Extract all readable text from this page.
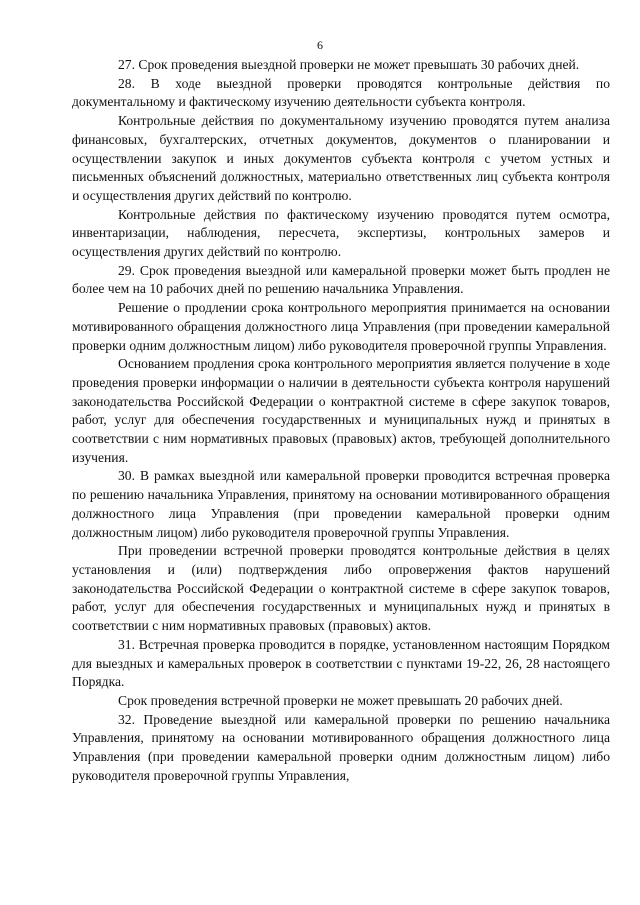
6

27. Срок проведения выездной проверки не может превышать 30 рабочих дней.

28. В ходе выездной проверки проводятся контрольные действия по документальному и фактическому изучению деятельности субъекта контроля.

Контрольные действия по документальному изучению проводятся путем анализа финансовых, бухгалтерских, отчетных документов, документов о планировании и осуществлении закупок и иных документов субъекта контроля с учетом устных и письменных объяснений должностных, материально ответственных лиц субъекта контроля и осуществления других действий по контролю.

Контрольные действия по фактическому изучению проводятся путем осмотра, инвентаризации, наблюдения, пересчета, экспертизы, контрольных замеров и осуществления других действий по контролю.

29. Срок проведения выездной или камеральной проверки может быть продлен не более чем на 10 рабочих дней по решению начальника Управления.

Решение о продлении срока контрольного мероприятия принимается на основании мотивированного обращения должностного лица Управления (при проведении камеральной проверки одним должностным лицом) либо руководителя проверочной группы Управления.

Основанием продления срока контрольного мероприятия является получение в ходе проведения проверки информации о наличии в деятельности субъекта контроля нарушений законодательства Российской Федерации о контрактной системе в сфере закупок товаров, работ, услуг для обеспечения государственных и муниципальных нужд и принятых в соответствии с ним нормативных правовых (правовых) актов, требующей дополнительного изучения.

30. В рамках выездной или камеральной проверки проводится встречная проверка по решению начальника Управления, принятому на основании мотивированного обращения должностного лица Управления (при проведении камеральной проверки одним должностным лицом) либо руководителя проверочной группы Управления.

При проведении встречной проверки проводятся контрольные действия в целях установления и (или) подтверждения либо опровержения фактов нарушений законодательства Российской Федерации о контрактной системе в сфере закупок товаров, работ, услуг для обеспечения государственных и муниципальных нужд и принятых в соответствии с ним нормативных правовых (правовых) актов.

31. Встречная проверка проводится в порядке, установленном настоящим Порядком для выездных и камеральных проверок в соответствии с пунктами 19-22, 26, 28 настоящего Порядка.

Срок проведения встречной проверки не может превышать 20 рабочих дней.

32. Проведение выездной или камеральной проверки по решению начальника Управления, принятому на основании мотивированного обращения должностного лица Управления (при проведении камеральной проверки одним должностным лицом) либо руководителя проверочной группы Управления,
